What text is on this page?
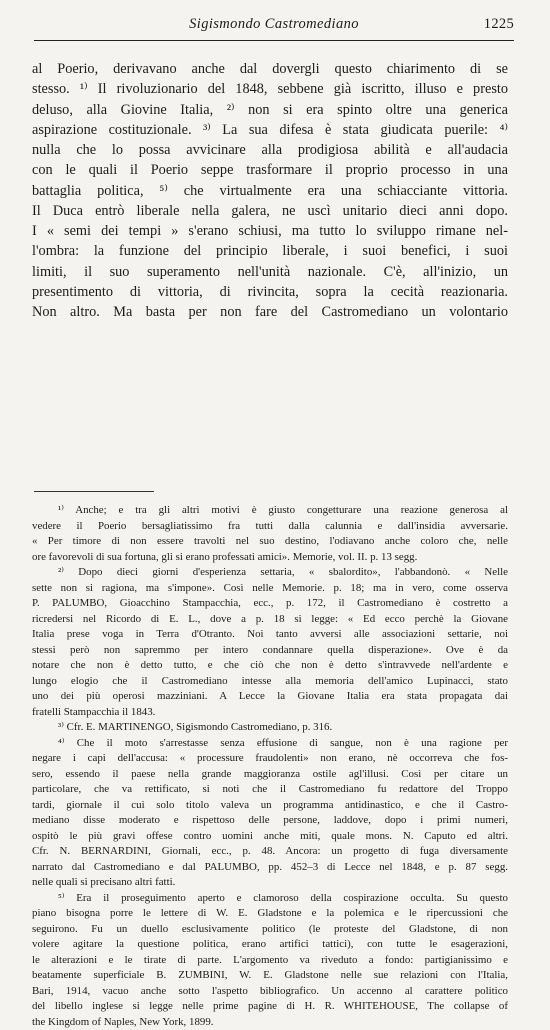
Sigismondo Castromediano	1225
al Poerio, derivavano anche dal dovergli questo chiarimento di se
stesso. ¹⁾ Il rivoluzionario del 1848, sebbene già iscritto, illuso e presto
deluso, alla Giovine Italia, ²⁾ non si era spinto oltre una generica
aspirazione costituzionale. ³⁾ La sua difesa è stata giudicata puerile: ⁴⁾
nulla che lo possa avvicinare alla prodigiosa abilità e all'audacia
con le quali il Poerio seppe trasformare il proprio processo in una
battaglia politica, ⁵⁾ che virtualmente era una schiacciante vittoria.
Il Duca entrò liberale nella galera, ne uscì unitario dieci anni dopo.
I « semi dei tempi » s'erano schiusi, ma tutto lo sviluppo rimane nel-
l'ombra: la funzione del principio liberale, i suoi benefici, i suoi
limiti, il suo superamento nell'unità nazionale. C'è, all'inizio, un
presentimento di vittoria, di rivincita, sopra la cecità reazionaria.
Non altro. Ma basta per non fare del Castromediano un volontario
¹⁾ Anche; e tra gli altri motivi è giusto congetturare una reazione generosa al
vedere il Poerio bersagliatissimo fra tutti dalla calunnia e dall'insidia avversarie.
« Per timore di non essere travolti nel suo destino, l'odiavano anche coloro che, nelle
ore favorevoli di sua fortuna, gli si erano professati amici». Memorie, vol. II. p. 13 segg.
²⁾ Dopo dieci giorni d'esperienza settaria, « sbalordito», l'abbandonò. « Nelle
sette non si ragiona, ma s'impone». Così nelle Memorie. p. 18; ma in vero, come osserva
P. PALUMBO, Gioacchino Stampacchia, ecc., p. 172, il Castromediano è costretto a
ricredersi nel Ricordo di E. L., dove a p. 18 si legge: « Ed ecco perchè la Giovane
Italia prese voga in Terra d'Otranto. Noi tanto avversi alle associazioni settarie, noi
stessi però non sapremmo per intero condannare quella disperazione». Ove è da
notare che non è detto tutto, e che ciò che non è detto s'intravvede nell'ardente e
lungo elogio che il Castromediano intesse alla memoria dell'amico Lupinacci, stato
uno dei più operosi mazziniani. A Lecce la Giovane Italia era stata propagata dai
fratelli Stampacchia il 1843.
³⁾ Cfr. E. MARTINENGO, Sigismondo Castromediano, p. 316.
⁴⁾ Che il moto s'arrestasse senza effusione di sangue, non è una ragione per
negare i capi dell'accusa: « processure fraudolenti» non erano, nè occorreva che fos-
sero, essendo il paese nella grande maggioranza ostile agl'illusi. Così per citare un
particolare, che va rettificato, si noti che il Castromediano fu redattore del Troppo
tardi, giornale il cui solo titolo valeva un programma antidinastico, e che il Castro-
mediano disse moderato e rispettoso delle persone, laddove, dopo i primi numeri,
ospitò le più gravi offese contro uomini anche miti, quale mons. N. Caputo ed altri.
Cfr. N. BERNARDINI, Giornali, ecc., p. 48. Ancora: un progetto di fuga diversamente
narrato dal Castromediano e dal PALUMBO, pp. 452–3 di Lecce nel 1848, e p. 87 segg.
nelle quali si precisano altri fatti.
⁵⁾ Era il proseguimento aperto e clamoroso della cospirazione occulta. Su questo
piano bisogna porre le lettere di W. E. Gladstone e la polemica e le ripercussioni che
seguirono. Fu un duello esclusivamente politico (le proteste del Gladstone, di non
volere agitare la questione politica, erano artifici tattici), con tutte le esagerazioni,
le alterazioni e le tirate di parte. L'argomento va riveduto a fondo: partigianissimo e
beatamente superficiale B. ZUMBINI, W. E. Gladstone nelle sue relazioni con l'Italia,
Bari, 1914, vacuo anche sotto l'aspetto bibliografico. Un accenno al carattere politico
del libello inglese si legge nelle prime pagine di H. R. WHITEHOUSE, The collapse of
the Kingdom of Naples, New York, 1899.
